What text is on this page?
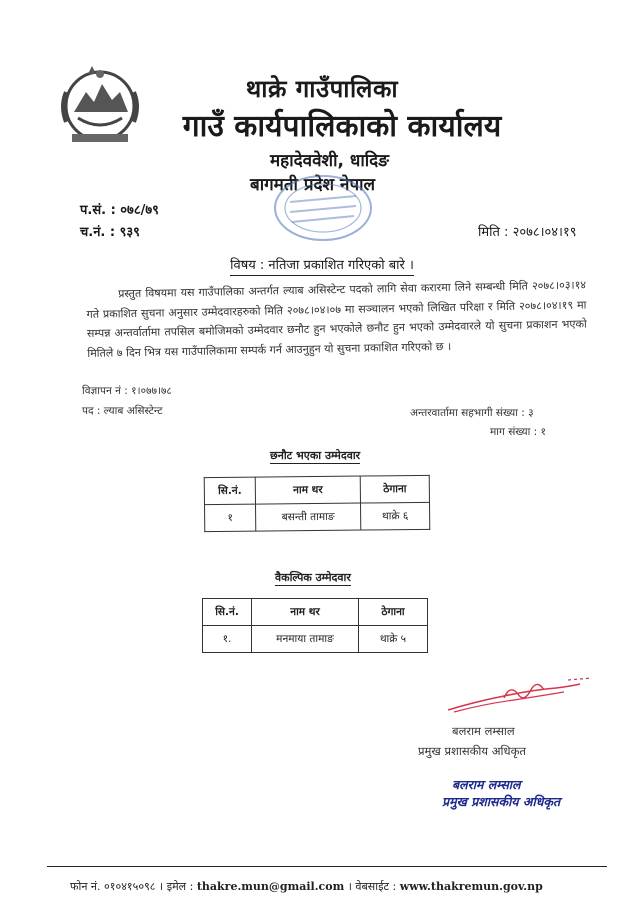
थाक्रे गाउँपालिका
गाउँ कार्यपालिकाको कार्यालय
महादेववेशी, धादिङ
बागमती प्रदेश नेपाल
प.सं. : ०७८/७९
च.नं. : ९३९	मिति : २०७८।०४।१९
विषय : नतिजा प्रकाशित गरिएको बारे ।
प्रस्तुत विषयमा यस गाउँपालिका अन्तर्गत ल्याब असिस्टेन्ट पदको लागि सेवा करारमा लिने सम्बन्धी मिति २०७८।०३।१४ गते प्रकाशित सुचना अनुसार उम्मेदवारहरुको मिति २०७८।०४।०७ मा सञ्चालन भएको लिखित परिक्षा र मिति २०७८।०४।१९ मा सम्पन्न अन्तर्वार्तामा तपसिल बमोजिमको उम्मेदवार छनौट हुन भएकोले छनौट हुन भएको उम्मेदवारले यो सुचना प्रकाशन भएको मितिले ७ दिन भित्र यस गाउँपालिकामा सम्पर्क गर्न आउनुहुन यो सुचना प्रकाशित गरिएको छ ।
विज्ञापन नं : १।०७७।७८
पद : ल्याब असिस्टेन्ट	अन्तरवार्तामा सहभागी संख्या : ३
माग संख्या : १
छनौट भएका उम्मेदवार
सि.नं.	नाम थर	ठेगाना
१	बसन्ती तामाङ	थाक्रे ६
वैकल्पिक उम्मेदवार
सि.नं.	नाम थर	ठेगाना
१.	मनमाया तामाङ	थाक्रे ५
बलराम लम्साल
प्रमुख प्रशासकीय अधिकृत
बलराम लम्साल
प्रमुख प्रशासकीय अधिकृत
फोन नं. ०१०४१५०९८ । इमेल : thakre.mun@gmail.com । वेबसाईट : www.thakremun.gov.np
